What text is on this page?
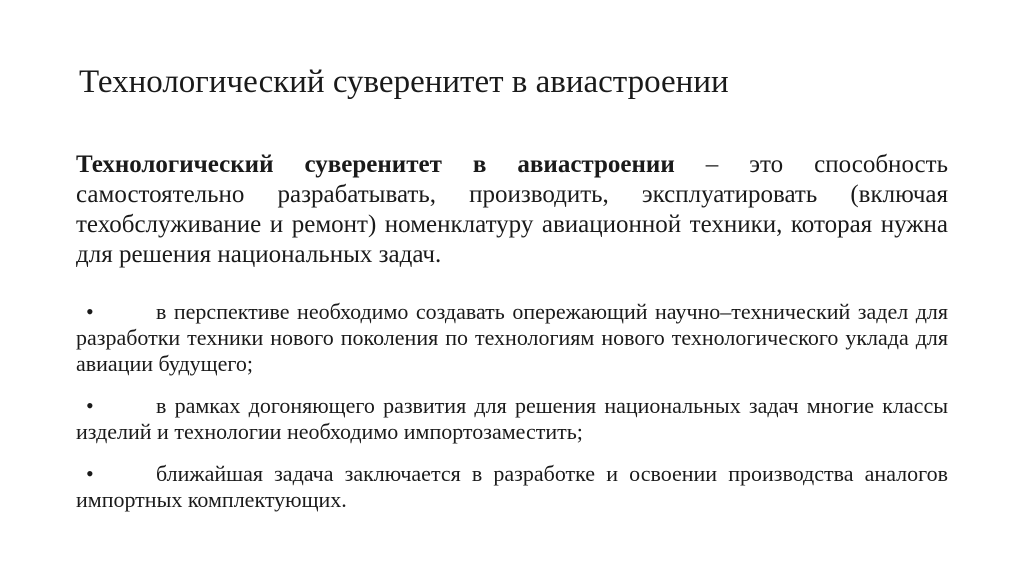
Технологический суверенитет в авиастроении

Технологический суверенитет в авиастроении – это способность самостоятельно разрабатывать, производить, эксплуатировать (включая техобслуживание и ремонт) номенклатуру авиационной техники, которая нужна для решения национальных задач.

•	в перспективе необходимо создавать опережающий научно–технический задел для разработки техники нового поколения по технологиям нового технологического уклада для авиации будущего;
•	в рамках догоняющего развития для решения национальных задач многие классы изделий и технологии необходимо импортозаместить;
•	ближайшая задача заключается в разработке и освоении производства аналогов импортных комплектующих.
